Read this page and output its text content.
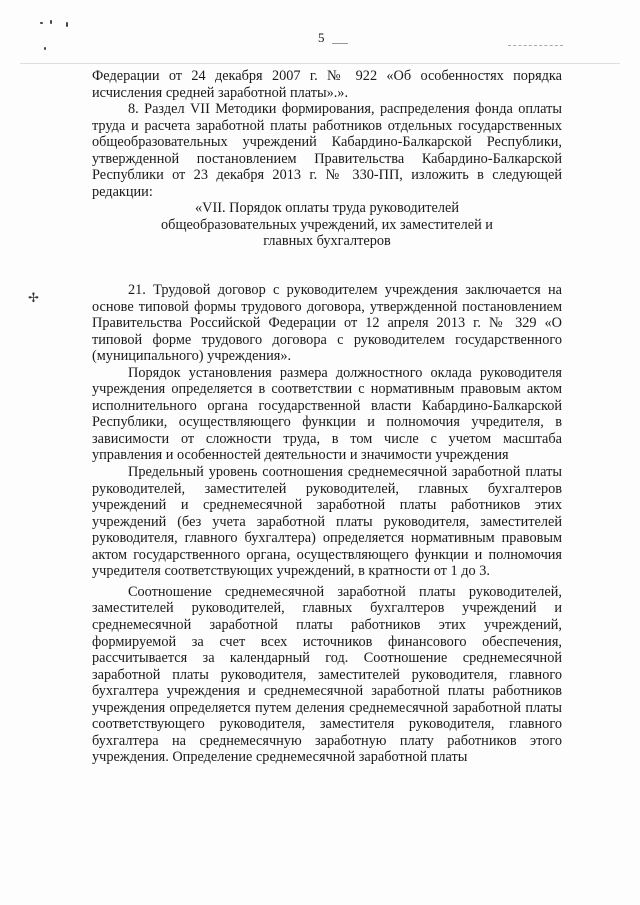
✢
5

Федерации от 24 декабря 2007 г. № 922 «Об особенностях порядка исчисления средней заработной платы».».

8. Раздел VII Методики формирования, распределения фонда оплаты труда и расчета заработной платы работников отдельных государственных общеобразовательных учреждений Кабардино-Балкарской Республики, утвержденной постановлением Правительства Кабардино-Балкарской Республики от 23 декабря 2013 г. № 330-ПП, изложить в следующей редакции:

«VII. Порядок оплаты труда руководителей общеобразовательных учреждений, их заместителей и главных бухгалтеров

21. Трудовой договор с руководителем учреждения заключается на основе типовой формы трудового договора, утвержденной постановлением Правительства Российской Федерации от 12 апреля 2013 г. № 329 «О типовой форме трудового договора с руководителем государственного (муниципального) учреждения».

Порядок установления размера должностного оклада руководителя учреждения определяется в соответствии с нормативным правовым актом исполнительного органа государственной власти Кабардино-Балкарской Республики, осуществляющего функции и полномочия учредителя, в зависимости от сложности труда, в том числе с учетом масштаба управления и особенностей деятельности и значимости учреждения

Предельный уровень соотношения среднемесячной заработной платы руководителей, заместителей руководителей, главных бухгалтеров учреждений и среднемесячной заработной платы работников этих учреждений (без учета заработной платы руководителя, заместителей руководителя, главного бухгалтера) определяется нормативным правовым актом государственного органа, осуществляющего функции и полномочия учредителя соответствующих учреждений, в кратности от 1 до 3.

Соотношение среднемесячной заработной платы руководителей, заместителей руководителей, главных бухгалтеров учреждений и среднемесячной заработной платы работников этих учреждений, формируемой за счет всех источников финансового обеспечения, рассчитывается за календарный год. Соотношение среднемесячной заработной платы руководителя, заместителей руководителя, главного бухгалтера учреждения и среднемесячной заработной платы работников учреждения определяется путем деления среднемесячной заработной платы соответствующего руководителя, заместителя руководителя, главного бухгалтера на среднемесячную заработную плату работников этого учреждения. Определение среднемесячной заработной платы
